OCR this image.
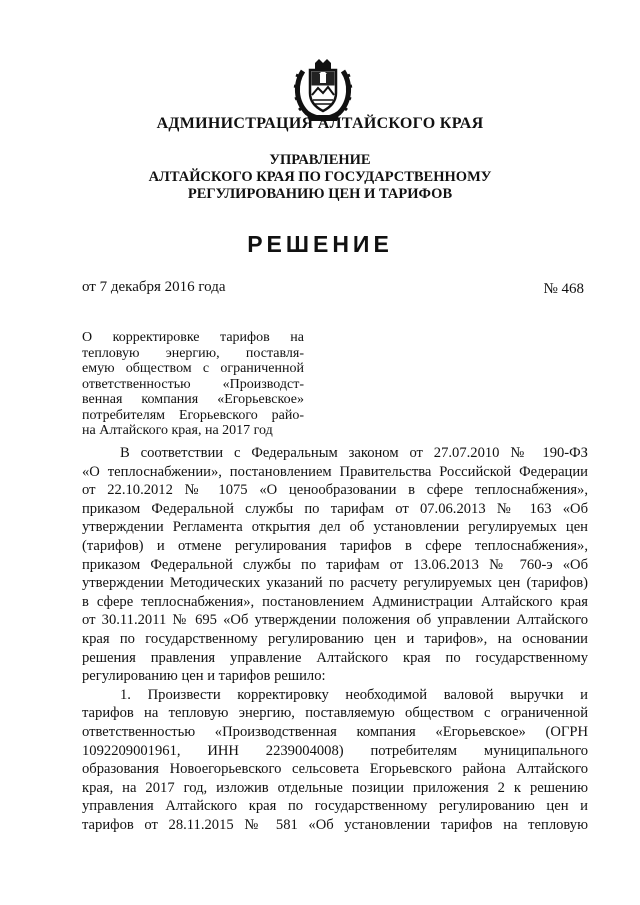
АДМИНИСТРАЦИЯ АЛТАЙСКОГО КРАЯ
УПРАВЛЕНИЕ
АЛТАЙСКОГО КРАЯ ПО ГОСУДАРСТВЕННОМУ
РЕГУЛИРОВАНИЮ ЦЕН И ТАРИФОВ
РЕШЕНИЕ
от 7 декабря 2016 года	№ 468
О корректировке тарифов на
тепловую энергию, поставля-
емую обществом с ограниченной
ответственностью «Производст-
венная компания «Егорьевское»
потребителям Егорьевского райо-
на Алтайского края, на 2017 год
В соответствии с Федеральным законом от 27.07.2010 № 190-ФЗ
«О теплоснабжении», постановлением Правительства Российской Федерации
от 22.10.2012 № 1075 «О ценообразовании в сфере теплоснабжения»,
приказом Федеральной службы по тарифам от 07.06.2013 № 163 «Об
утверждении Регламента открытия дел об установлении регулируемых цен
(тарифов) и отмене регулирования тарифов в сфере теплоснабжения»,
приказом Федеральной службы по тарифам от 13.06.2013 № 760-э «Об
утверждении Методических указаний по расчету регулируемых цен (тарифов)
в сфере теплоснабжения», постановлением Администрации Алтайского края
от 30.11.2011 № 695 «Об утверждении положения об управлении Алтайского
края по государственному регулированию цен и тарифов», на основании
решения правления управление Алтайского края по государственному
регулированию цен и тарифов решило:
1. Произвести корректировку необходимой валовой выручки и
тарифов на тепловую энергию, поставляемую обществом с ограниченной
ответственностью «Производственная компания «Егорьевское» (ОГРН
1092209001961, ИНН 2239004008) потребителям муниципального
образования Новоегорьевского сельсовета Егорьевского района Алтайского
края, на 2017 год, изложив отдельные позиции приложения 2 к решению
управления Алтайского края по государственному регулированию цен и
тарифов от 28.11.2015 № 581 «Об установлении тарифов на тепловую
